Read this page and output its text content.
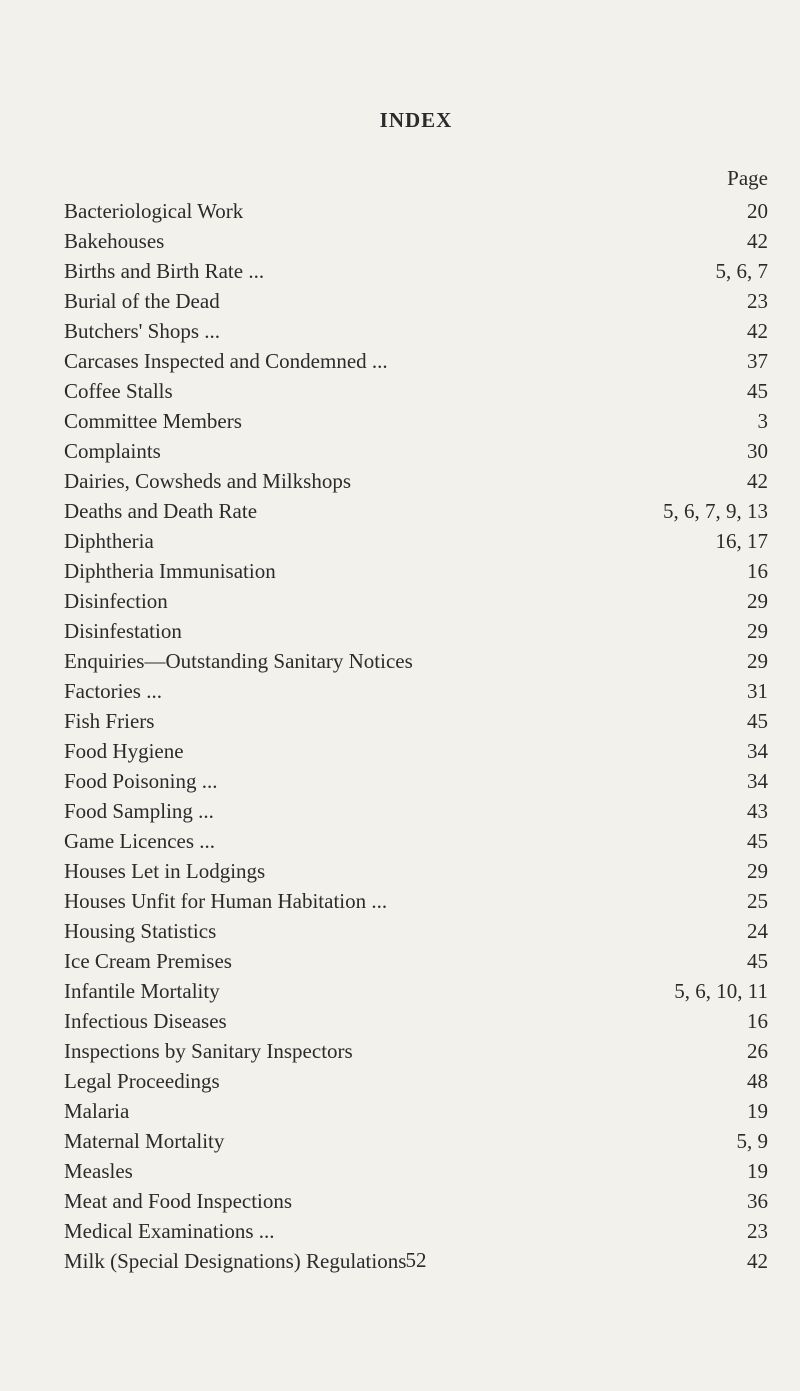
INDEX
Page
Bacteriological Work	20
Bakehouses	42
Births and Birth Rate ...	5, 6, 7
Burial of the Dead	23
Butchers' Shops ...	42
Carcases Inspected and Condemned ...	37
Coffee Stalls	45
Committee Members	3
Complaints	30
Dairies, Cowsheds and Milkshops	42
Deaths and Death Rate	5, 6, 7, 9, 13
Diphtheria	16, 17
Diphtheria Immunisation	16
Disinfection	29
Disinfestation	29
Enquiries—Outstanding Sanitary Notices	29
Factories ...	31
Fish Friers	45
Food Hygiene	34
Food Poisoning ...	34
Food Sampling ...	43
Game Licences ...	45
Houses Let in Lodgings	29
Houses Unfit for Human Habitation ...	25
Housing Statistics	24
Ice Cream Premises	45
Infantile Mortality	5, 6, 10, 11
Infectious Diseases	16
Inspections by Sanitary Inspectors	26
Legal Proceedings	48
Malaria	19
Maternal Mortality	5, 9
Measles	19
Meat and Food Inspections	36
Medical Examinations ...	23
Milk (Special Designations) Regulations	42
52
